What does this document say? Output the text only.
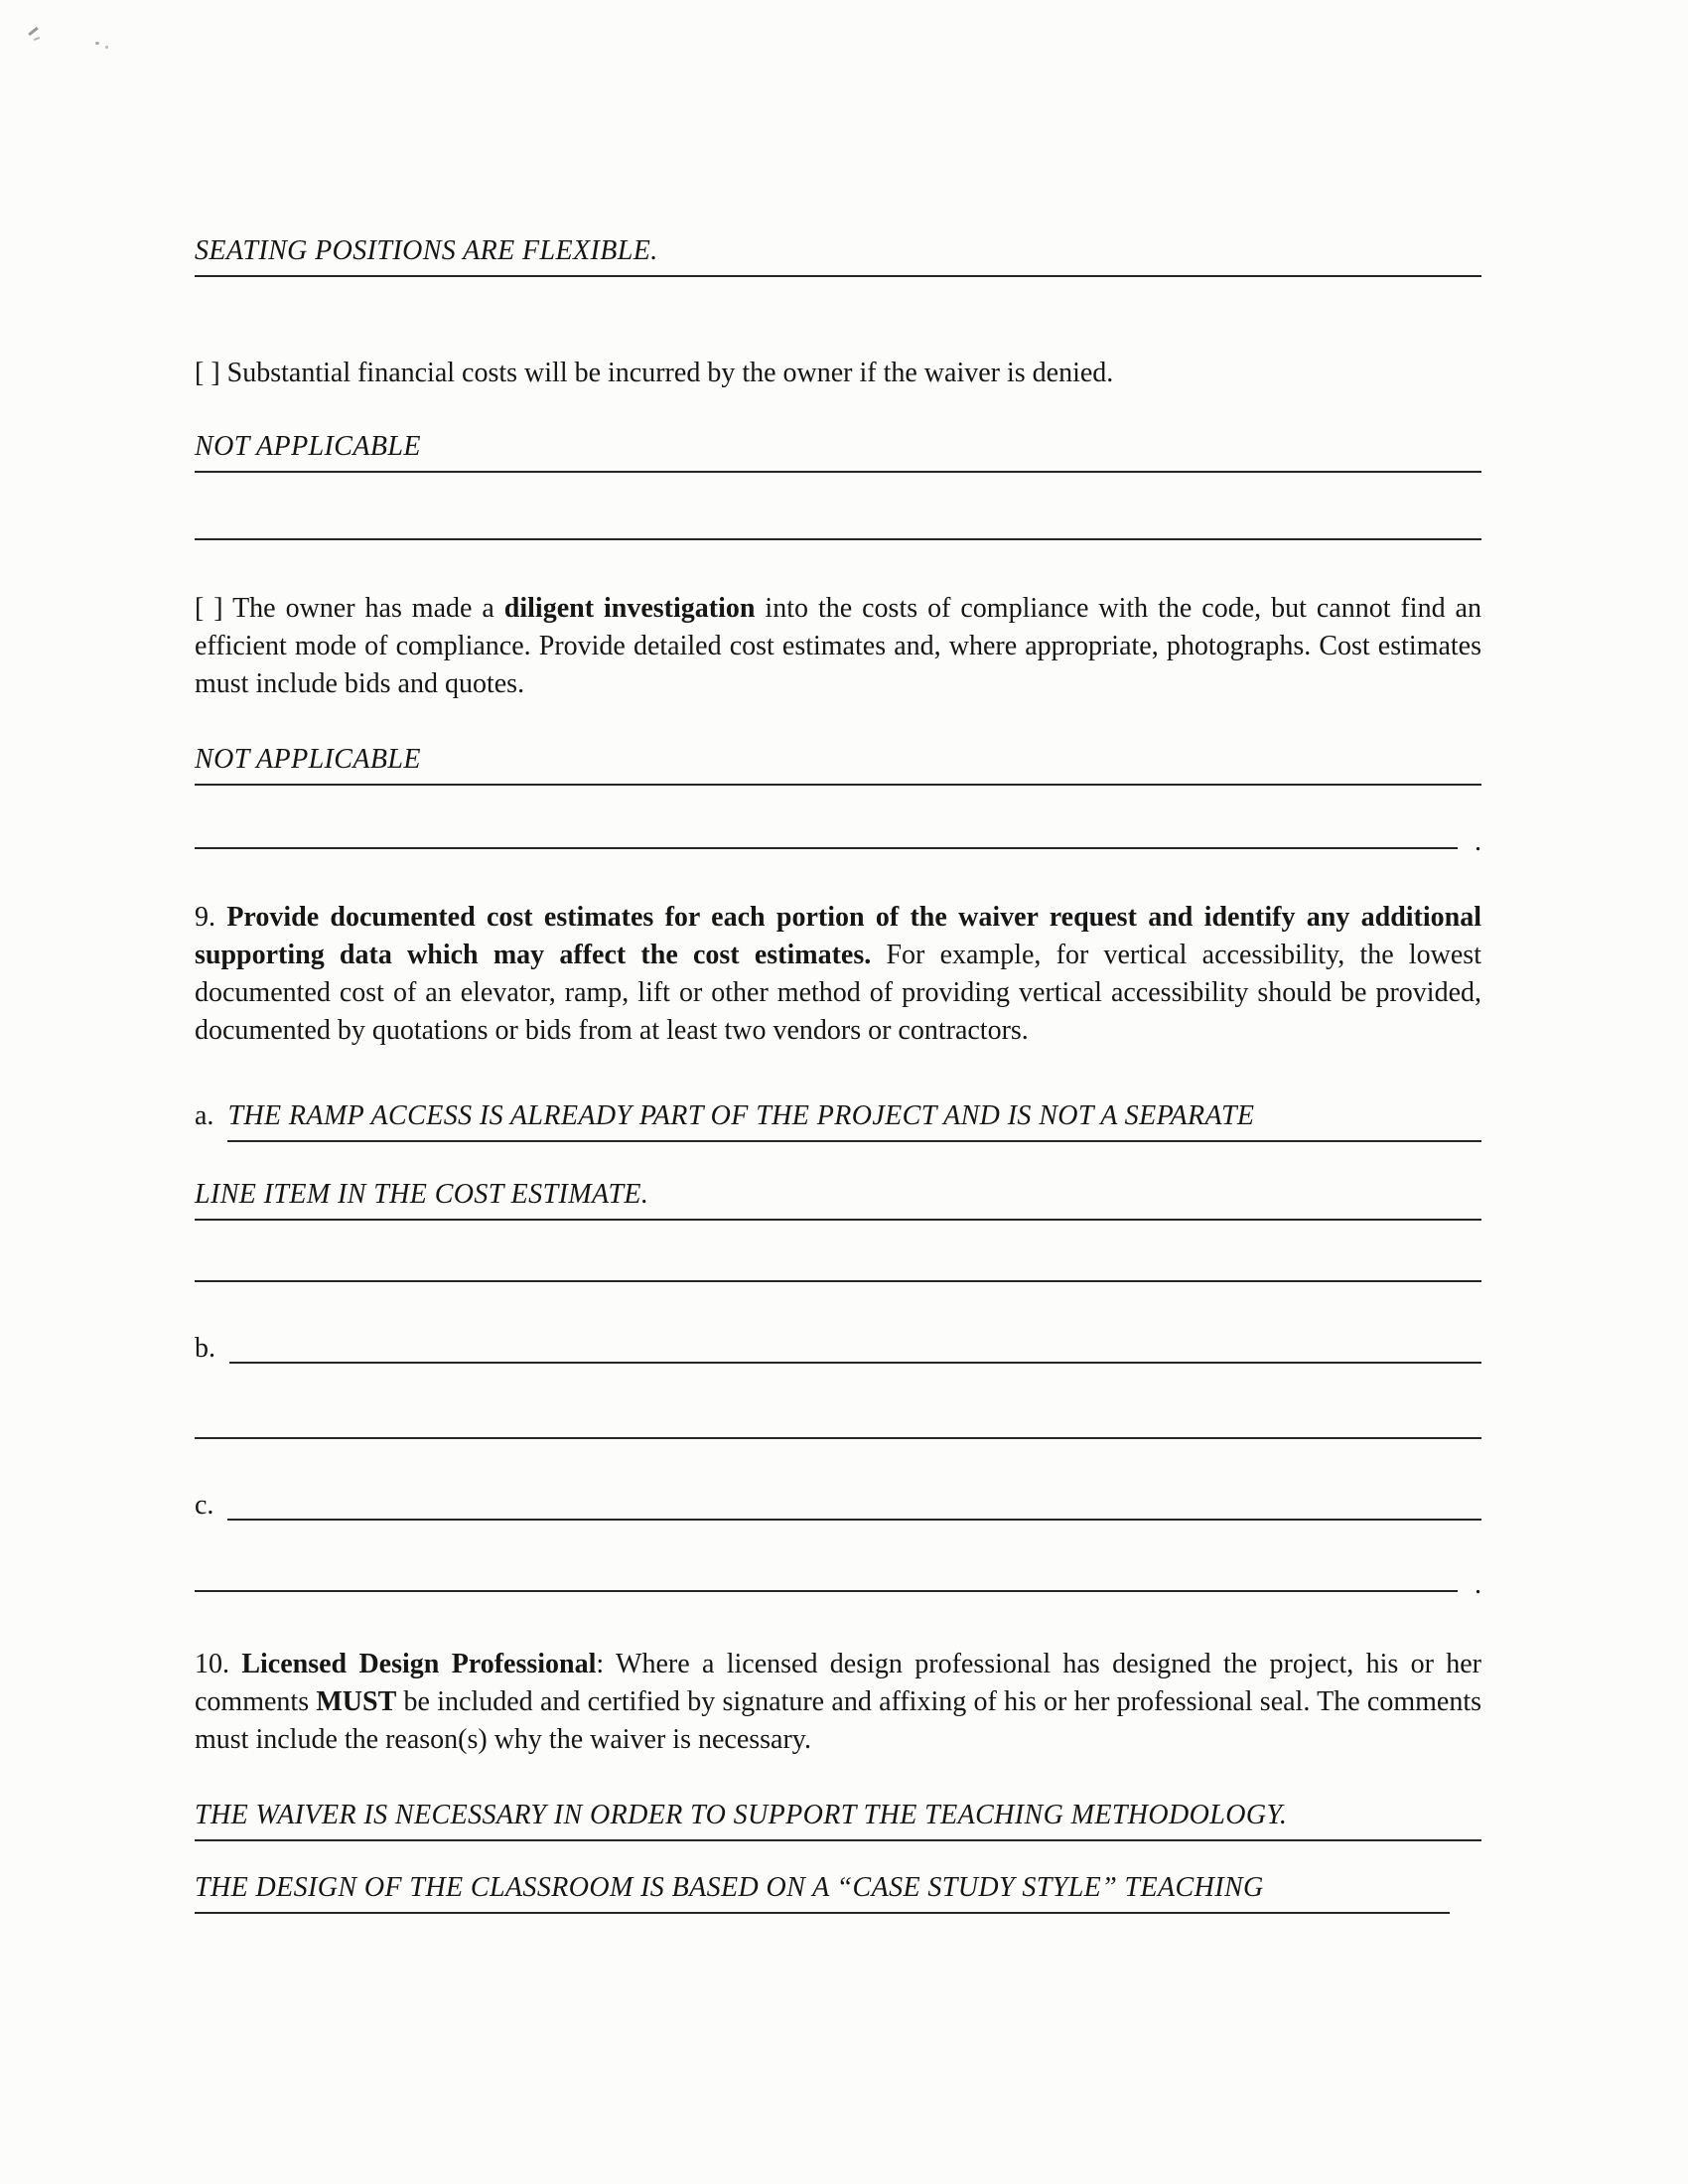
SEATING POSITIONS ARE FLEXIBLE.

[ ] Substantial financial costs will be incurred by the owner if the waiver is denied.

NOT APPLICABLE

[ ] The owner has made a diligent investigation into the costs of compliance with the code, but cannot find an efficient mode of compliance. Provide detailed cost estimates and, where appropriate, photographs. Cost estimates must include bids and quotes.

NOT APPLICABLE
.

9. Provide documented cost estimates for each portion of the waiver request and identify any additional supporting data which may affect the cost estimates. For example, for vertical accessibility, the lowest documented cost of an elevator, ramp, lift or other method of providing vertical accessibility should be provided, documented by quotations or bids from at least two vendors or contractors.

a. THE RAMP ACCESS IS ALREADY PART OF THE PROJECT AND IS NOT A SEPARATE
LINE ITEM IN THE COST ESTIMATE.
b.
c.
.

10. Licensed Design Professional: Where a licensed design professional has designed the project, his or her comments MUST be included and certified by signature and affixing of his or her professional seal. The comments must include the reason(s) why the waiver is necessary.

THE WAIVER IS NECESSARY IN ORDER TO SUPPORT THE TEACHING METHODOLOGY.
THE DESIGN OF THE CLASSROOM IS BASED ON A “CASE STUDY STYLE” TEACHING
